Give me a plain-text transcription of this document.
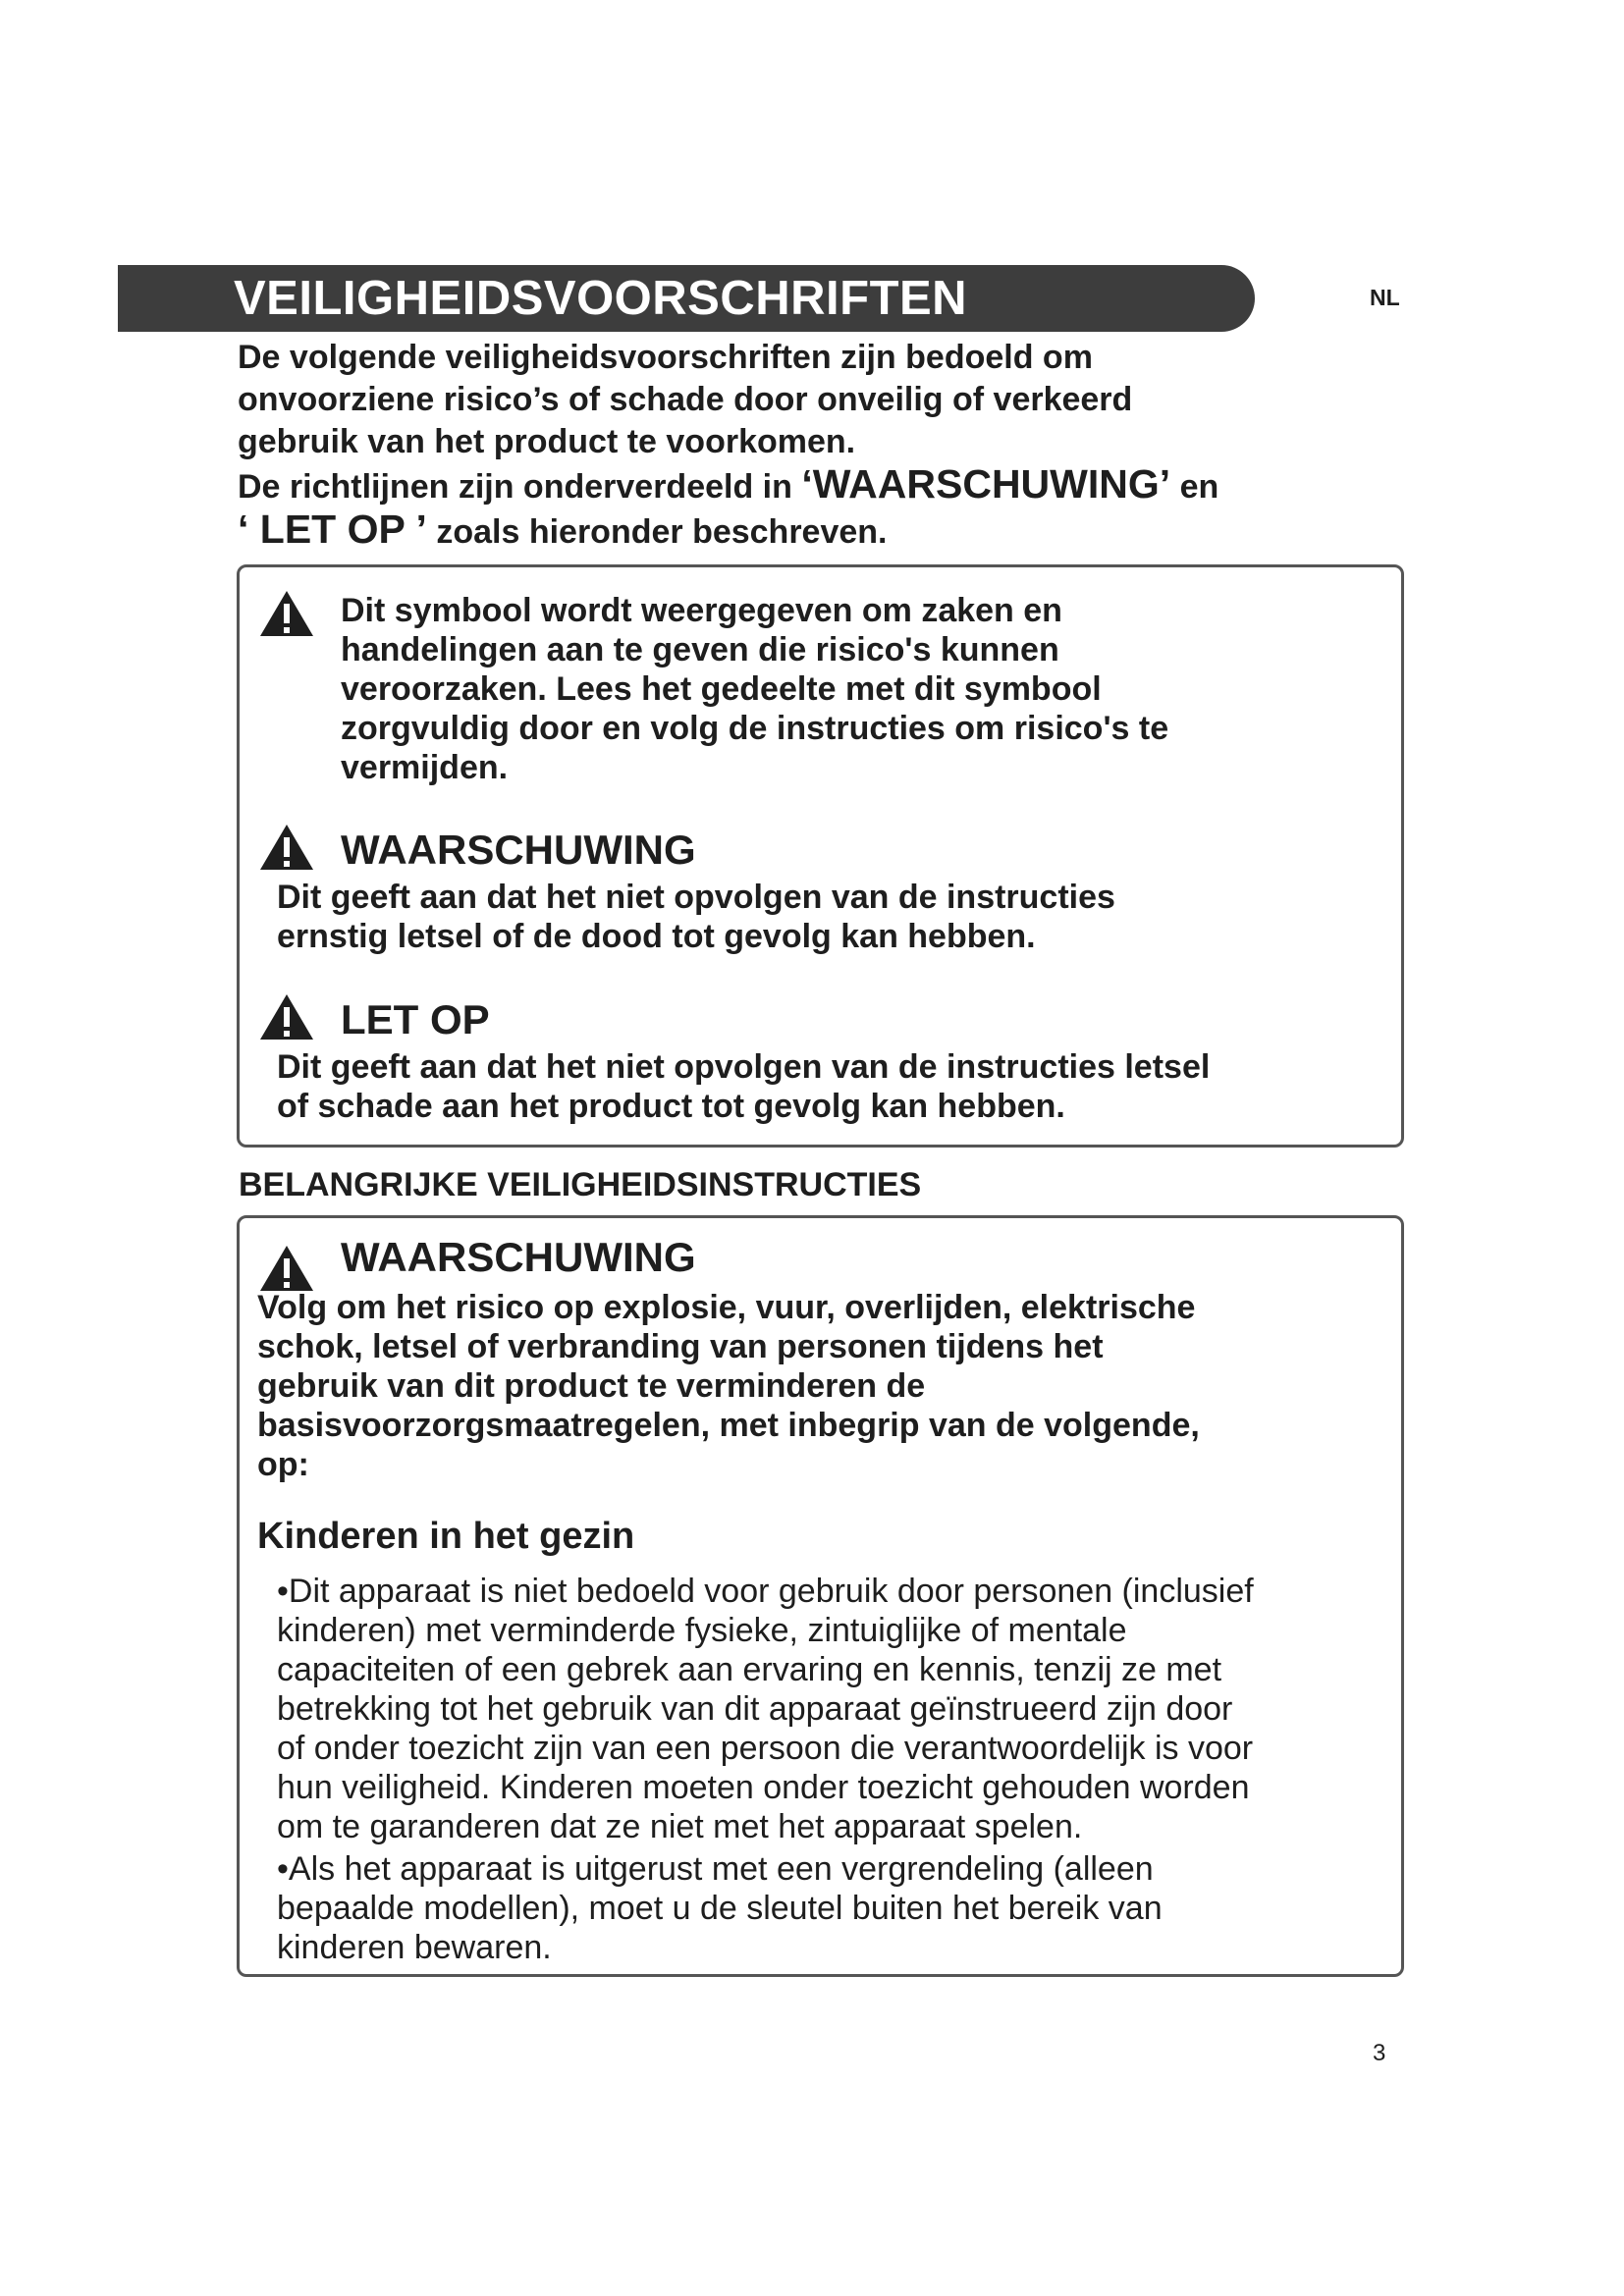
VEILIGHEIDSVOORSCHRIFTEN	NL

De volgende veiligheidsvoorschriften zijn bedoeld om

onvoorziene risico’s of schade door onveilig of verkeerd

gebruik van het product te voorkomen.

De richtlijnen zijn onderverdeeld in ‘WAARSCHUWING’ en

‘ LET OP ’ zoals hieronder beschreven.

Dit symbool wordt weergegeven om zaken en
handelingen aan te geven die risico's kunnen
veroorzaken. Lees het gedeelte met dit symbool
zorgvuldig door en volg de instructies om risico's te
vermijden.
WAARSCHUWING
Dit geeft aan dat het niet opvolgen van de instructies
ernstig letsel of de dood tot gevolg kan hebben.
LET OP
Dit geeft aan dat het niet opvolgen van de instructies letsel
of schade aan het product tot gevolg kan hebben.
BELANGRIJKE VEILIGHEIDSINSTRUCTIES
WAARSCHUWING
Volg om het risico op explosie, vuur, overlijden, elektrische
schok, letsel of verbranding van personen tijdens het
gebruik van dit product te verminderen de
basisvoorzorgsmaatregelen, met inbegrip van de volgende,
op:
Kinderen in het gezin
•Dit apparaat is niet bedoeld voor gebruik door personen (inclusief
kinderen) met verminderde fysieke, zintuiglijke of mentale
capaciteiten of een gebrek aan ervaring en kennis, tenzij ze met
betrekking tot het gebruik van dit apparaat geïnstrueerd zijn door
of onder toezicht zijn van een persoon die verantwoordelijk is voor
hun veiligheid. Kinderen moeten onder toezicht gehouden worden
om te garanderen dat ze niet met het apparaat spelen.
•Als het apparaat is uitgerust met een vergrendeling (alleen
bepaalde modellen), moet u de sleutel buiten het bereik van
kinderen bewaren.
3
